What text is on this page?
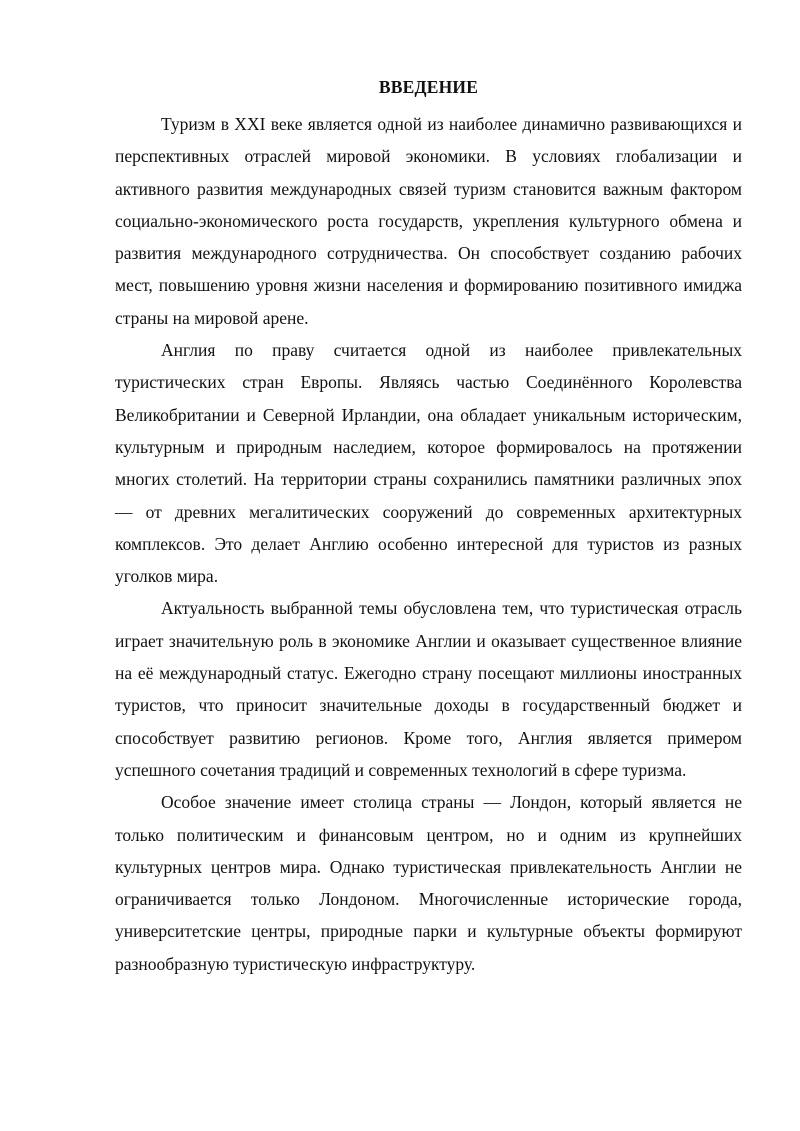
ВВЕДЕНИЕ

Туризм в XXI веке является одной из наиболее динамично развивающихся и перспективных отраслей мировой экономики. В условиях глобализации и активного развития международных связей туризм становится важным фактором социально-экономического роста государств, укрепления культурного обмена и развития международного сотрудничества. Он способствует созданию рабочих мест, повышению уровня жизни населения и формированию позитивного имиджа страны на мировой арене.

Англия по праву считается одной из наиболее привлекательных туристических стран Европы. Являясь частью Соединённого Королевства Великобритании и Северной Ирландии, она обладает уникальным историческим, культурным и природным наследием, которое формировалось на протяжении многих столетий. На территории страны сохранились памятники различных эпох — от древних мегалитических сооружений до современных архитектурных комплексов. Это делает Англию особенно интересной для туристов из разных уголков мира.

Актуальность выбранной темы обусловлена тем, что туристическая отрасль играет значительную роль в экономике Англии и оказывает существенное влияние на её международный статус. Ежегодно страну посещают миллионы иностранных туристов, что приносит значительные доходы в государственный бюджет и способствует развитию регионов. Кроме того, Англия является примером успешного сочетания традиций и современных технологий в сфере туризма.

Особое значение имеет столица страны — Лондон, который является не только политическим и финансовым центром, но и одним из крупнейших культурных центров мира. Однако туристическая привлекательность Англии не ограничивается только Лондоном. Многочисленные исторические города, университетские центры, природные парки и культурные объекты формируют разнообразную туристическую инфраструктуру.
